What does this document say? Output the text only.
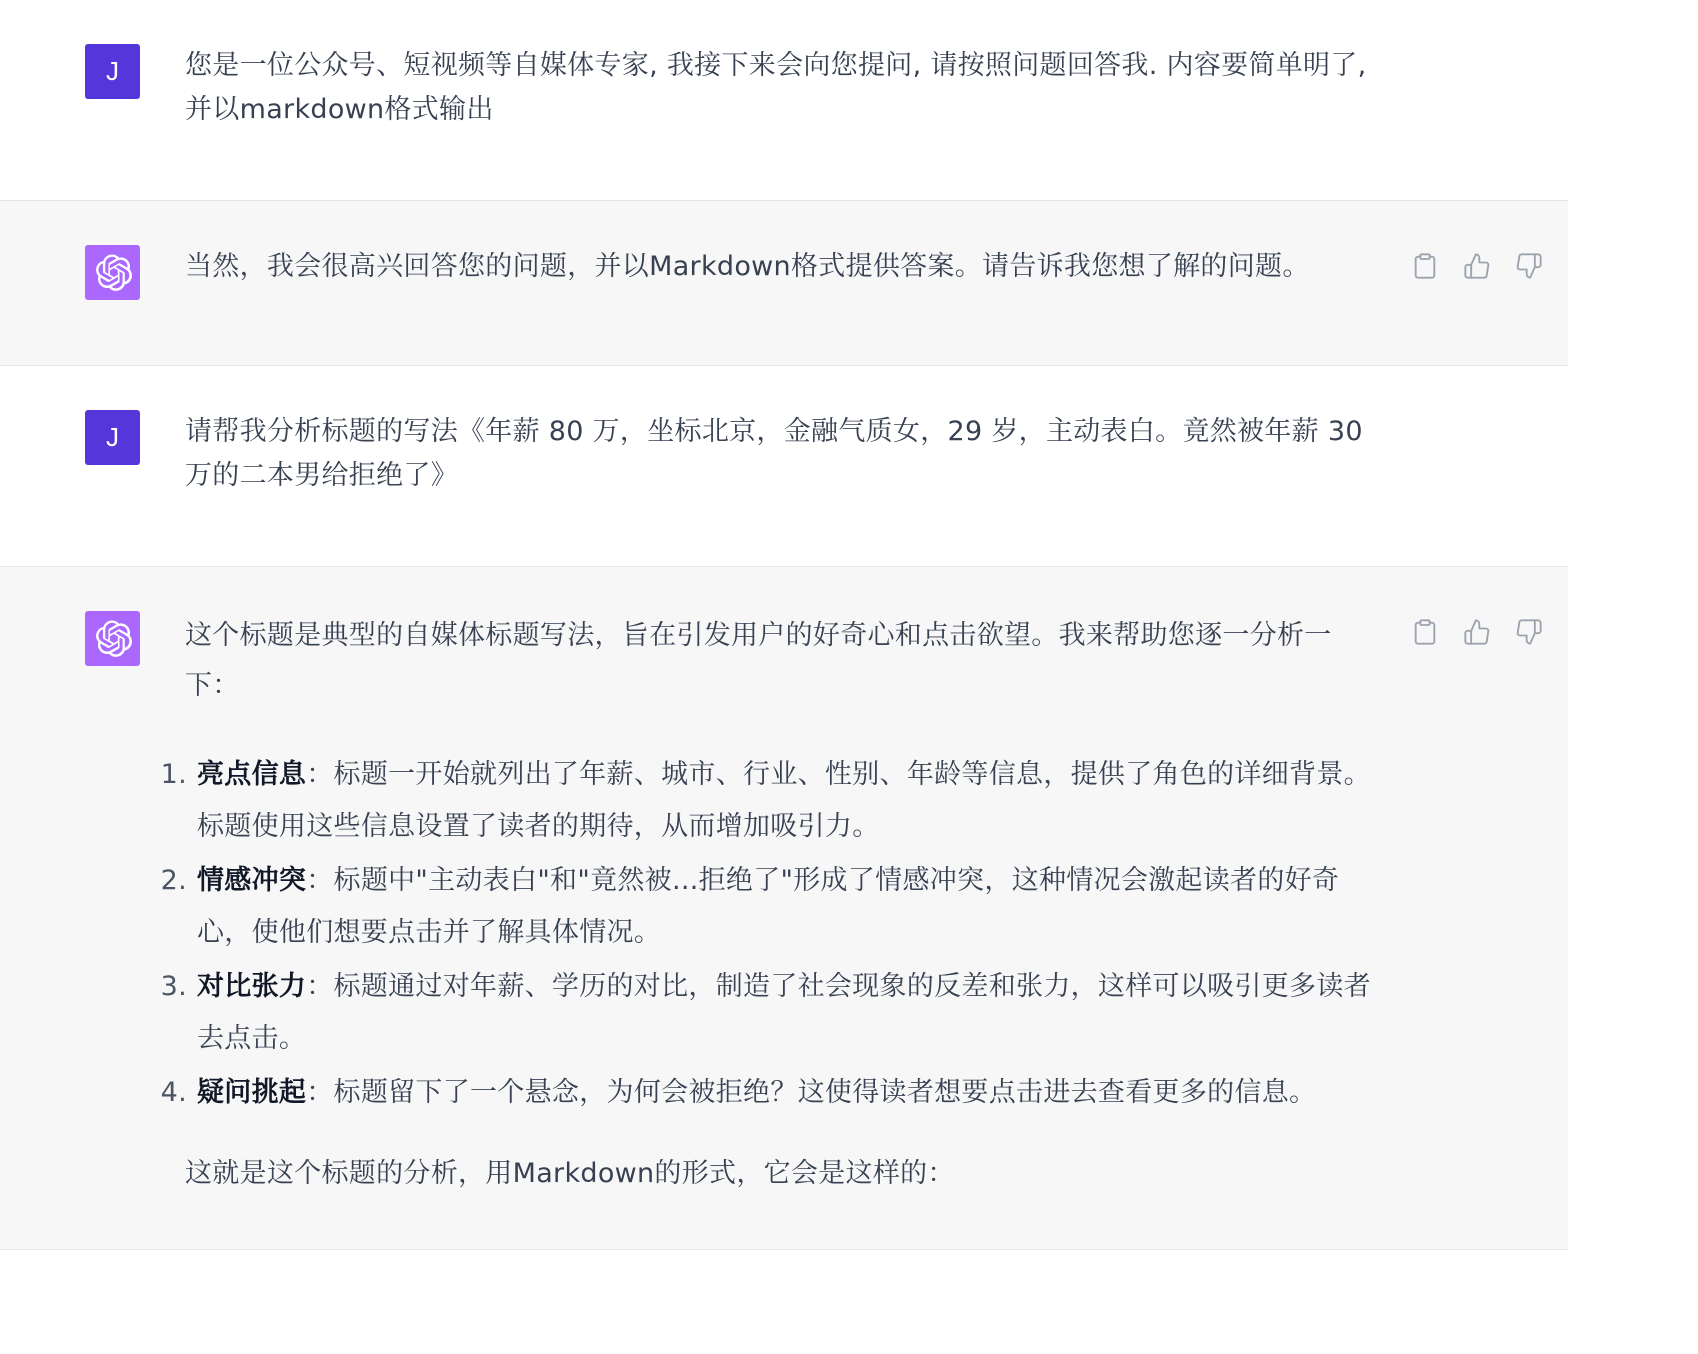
J 您是一位公众号、短视频等自媒体专家, 我接下来会向您提问, 请按照问题回答我. 内容要简单明了, 并以markdown格式输出

当然，我会很高兴回答您的问题，并以Markdown格式提供答案。请告诉我您想了解的问题。

J 请帮我分析标题的写法《年薪 80 万，坐标北京，金融气质女，29 岁，主动表白。竟然被年薪 30 万的二本男给拒绝了》

这个标题是典型的自媒体标题写法，旨在引发用户的好奇心和点击欲望。我来帮助您逐一分析一下：

1. 亮点信息：标题一开始就列出了年薪、城市、行业、性别、年龄等信息，提供了角色的详细背景。标题使用这些信息设置了读者的期待，从而增加吸引力。
2. 情感冲突：标题中"主动表白"和"竟然被...拒绝了"形成了情感冲突，这种情况会激起读者的好奇心，使他们想要点击并了解具体情况。
3. 对比张力：标题通过对年薪、学历的对比，制造了社会现象的反差和张力，这样可以吸引更多读者去点击。
4. 疑问挑起：标题留下了一个悬念，为何会被拒绝？这使得读者想要点击进去查看更多的信息。

这就是这个标题的分析，用Markdown的形式，它会是这样的：
